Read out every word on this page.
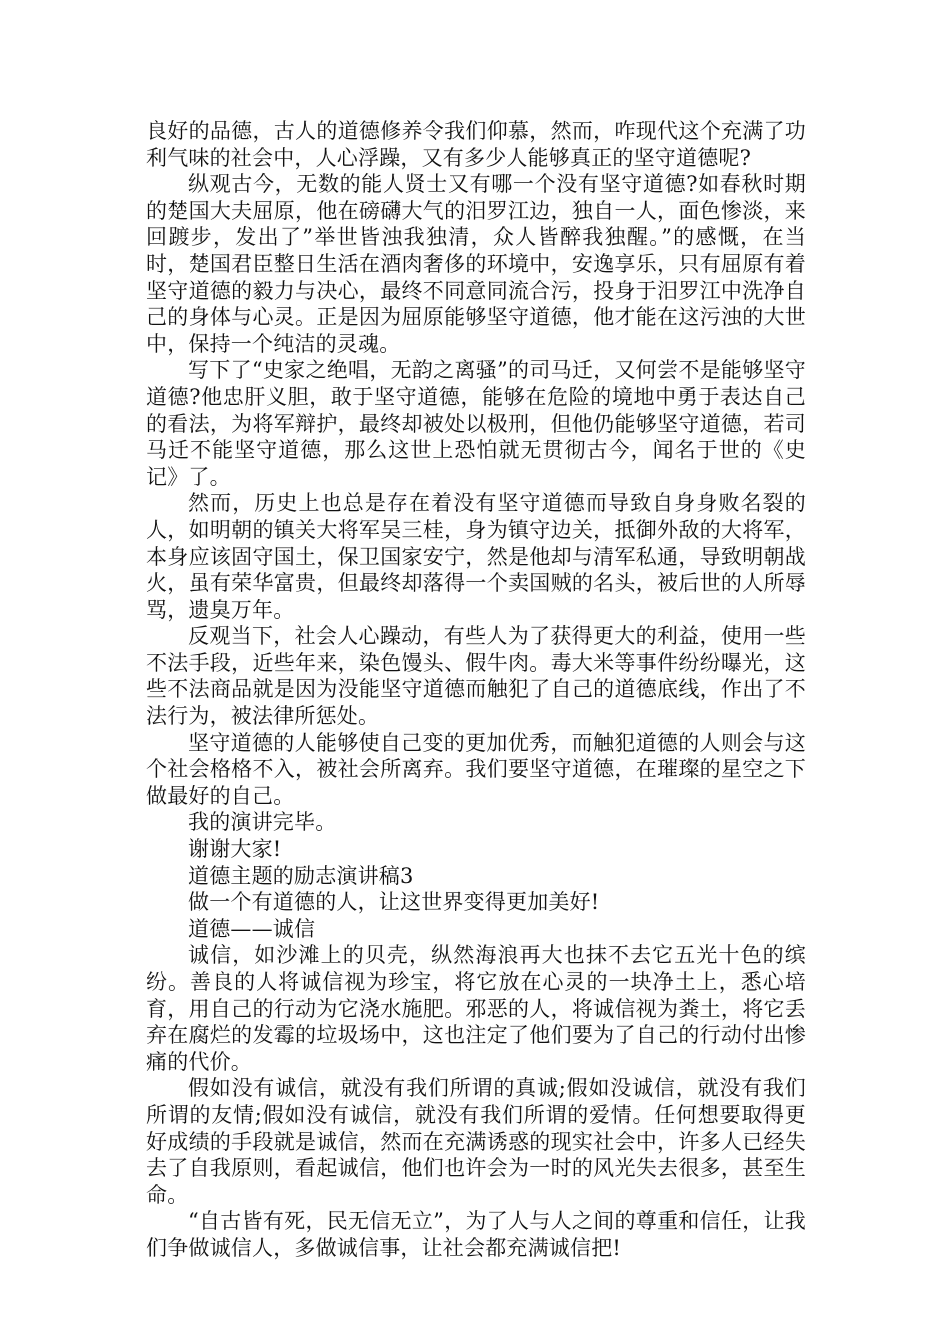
良好的品德，古人的道德修养令我们仰慕，然而，咋现代这个充满了功利气味的社会中，人心浮躁，又有多少人能够真正的坚守道德呢?

纵观古今，无数的能人贤士又有哪一个没有坚守道德?如春秋时期的楚国大夫屈原，他在磅礴大气的汨罗江边，独自一人，面色惨淡，来回踱步，发出了”举世皆浊我独清，众人皆醉我独醒。”的感慨，在当时，楚国君臣整日生活在酒肉奢侈的环境中，安逸享乐，只有屈原有着坚守道德的毅力与决心，最终不同意同流合污，投身于汨罗江中洗净自己的身体与心灵。正是因为屈原能够坚守道德，他才能在这污浊的大世中，保持一个纯洁的灵魂。

写下了“史家之绝唱，无韵之离骚”的司马迁，又何尝不是能够坚守道德?他忠肝义胆，敢于坚守道德，能够在危险的境地中勇于表达自己的看法，为将军辩护，最终却被处以极刑，但他仍能够坚守道德，若司马迁不能坚守道德，那么这世上恐怕就无贯彻古今，闻名于世的《史记》了。

然而，历史上也总是存在着没有坚守道德而导致自身身败名裂的人，如明朝的镇关大将军吴三桂，身为镇守边关，抵御外敌的大将军，本身应该固守国土，保卫国家安宁，然是他却与清军私通，导致明朝战火，虽有荣华富贵，但最终却落得一个卖国贼的名头，被后世的人所辱骂，遗臭万年。

反观当下，社会人心躁动，有些人为了获得更大的利益，使用一些不法手段，近些年来，染色馒头、假牛肉。毒大米等事件纷纷曝光，这些不法商品就是因为没能坚守道德而触犯了自己的道德底线，作出了不法行为，被法律所惩处。

坚守道德的人能够使自己变的更加优秀，而触犯道德的人则会与这个社会格格不入，被社会所离弃。我们要坚守道德，在璀璨的星空之下做最好的自己。

我的演讲完毕。

谢谢大家!

道德主题的励志演讲稿3

做一个有道德的人，让这世界变得更加美好!

道德——诚信

诚信，如沙滩上的贝壳，纵然海浪再大也抹不去它五光十色的缤纷。善良的人将诚信视为珍宝，将它放在心灵的一块净土上，悉心培育，用自己的行动为它浇水施肥。邪恶的人，将诚信视为粪土，将它丢弃在腐烂的发霉的垃圾场中，这也注定了他们要为了自己的行动付出惨痛的代价。

假如没有诚信，就没有我们所谓的真诚;假如没诚信，就没有我们所谓的友情;假如没有诚信，就没有我们所谓的爱情。任何想要取得更好成绩的手段就是诚信，然而在充满诱惑的现实社会中，许多人已经失去了自我原则，看起诚信，他们也许会为一时的风光失去很多，甚至生命。

“自古皆有死，民无信无立”，为了人与人之间的尊重和信任，让我们争做诚信人，多做诚信事，让社会都充满诚信把!
